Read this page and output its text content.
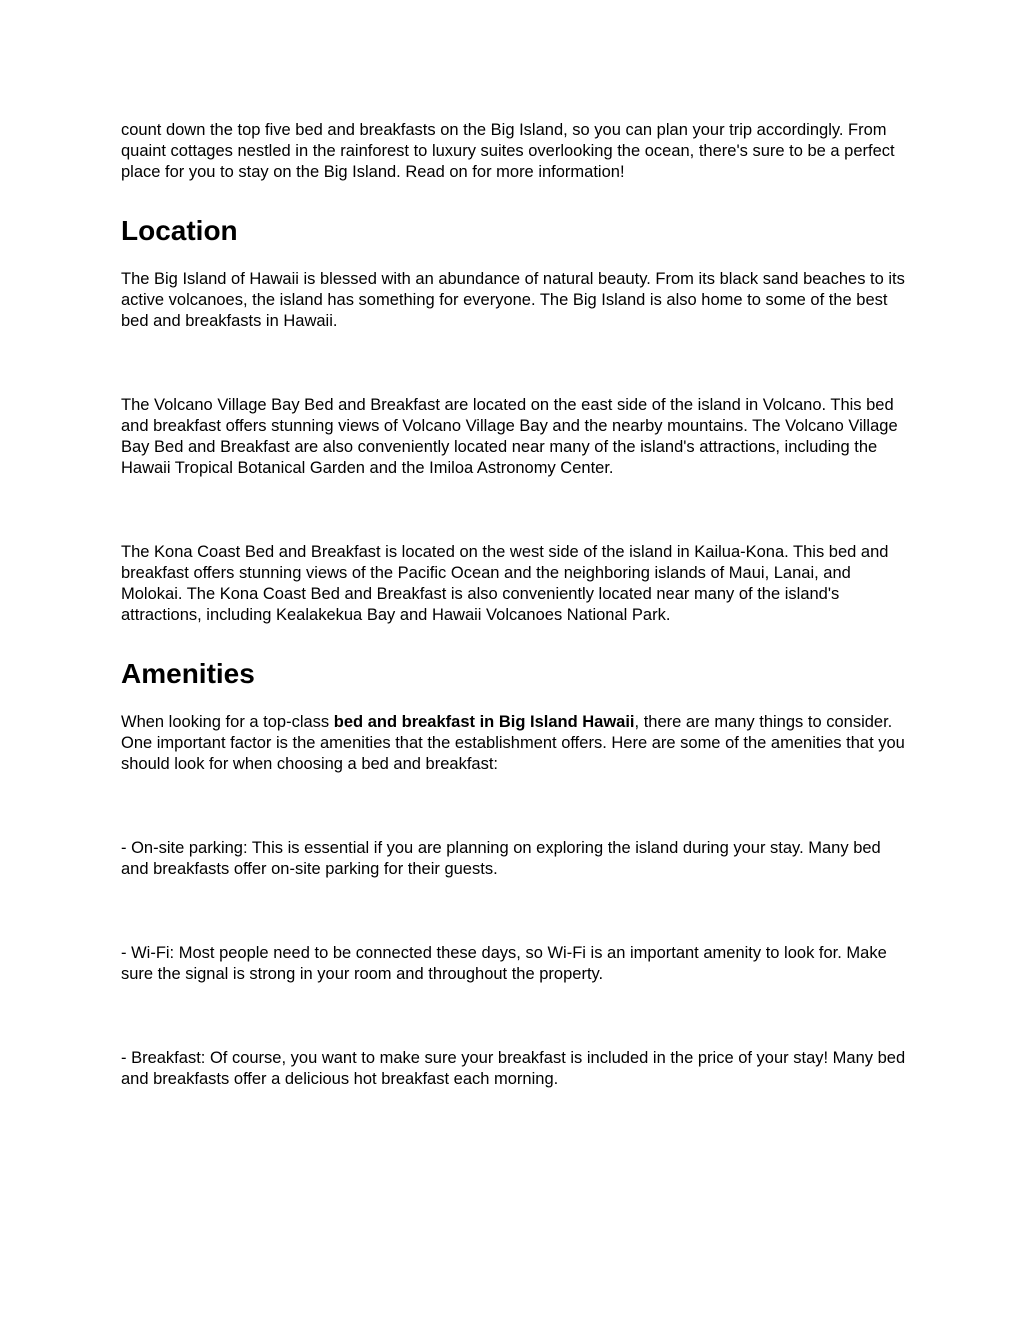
count down the top five bed and breakfasts on the Big Island, so you can plan your trip accordingly. From quaint cottages nestled in the rainforest to luxury suites overlooking the ocean, there's sure to be a perfect place for you to stay on the Big Island. Read on for more information!

Location

The Big Island of Hawaii is blessed with an abundance of natural beauty. From its black sand beaches to its active volcanoes, the island has something for everyone. The Big Island is also home to some of the best bed and breakfasts in Hawaii.

The Volcano Village Bay Bed and Breakfast are located on the east side of the island in Volcano. This bed and breakfast offers stunning views of Volcano Village Bay and the nearby mountains. The Volcano Village Bay Bed and Breakfast are also conveniently located near many of the island's attractions, including the Hawaii Tropical Botanical Garden and the Imiloa Astronomy Center.

The Kona Coast Bed and Breakfast is located on the west side of the island in Kailua-Kona. This bed and breakfast offers stunning views of the Pacific Ocean and the neighboring islands of Maui, Lanai, and Molokai. The Kona Coast Bed and Breakfast is also conveniently located near many of the island's attractions, including Kealakekua Bay and Hawaii Volcanoes National Park.

Amenities

When looking for a top-class bed and breakfast in Big Island Hawaii, there are many things to consider. One important factor is the amenities that the establishment offers. Here are some of the amenities that you should look for when choosing a bed and breakfast:

- On-site parking: This is essential if you are planning on exploring the island during your stay. Many bed and breakfasts offer on-site parking for their guests.

- Wi-Fi: Most people need to be connected these days, so Wi-Fi is an important amenity to look for. Make sure the signal is strong in your room and throughout the property.

- Breakfast: Of course, you want to make sure your breakfast is included in the price of your stay! Many bed and breakfasts offer a delicious hot breakfast each morning.
